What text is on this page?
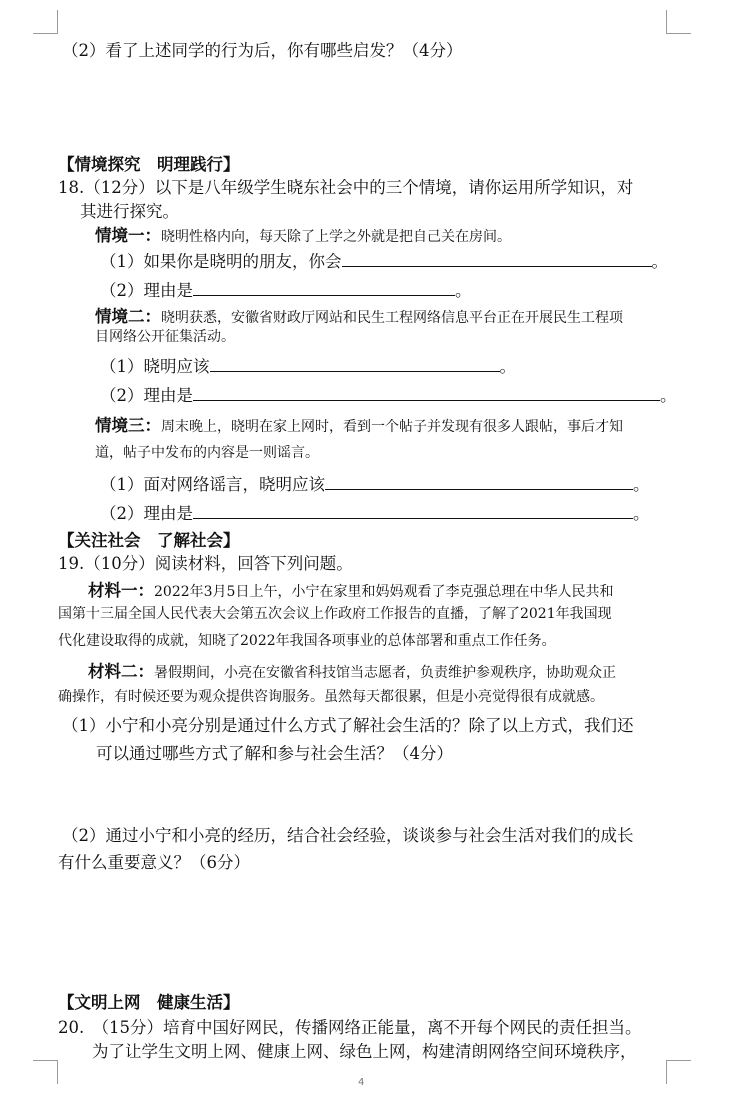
（2）看了上述同学的行为后，你有哪些启发？（4分）
【情境探究　明理践行】
18.（12分）以下是八年级学生晓东社会中的三个情境，请你运用所学知识，对
其进行探究。
情境一：晓明性格内向，每天除了上学之外就是把自己关在房间。
（1）如果你是晓明的朋友，你会	。
（2）理由是	。
情境二：晓明获悉，安徽省财政厅网站和民生工程网络信息平台正在开展民生工程项
目网络公开征集活动。
（1）晓明应该	。
（2）理由是	。
情境三：周末晚上，晓明在家上网时，看到一个帖子并发现有很多人跟帖，事后才知
道，帖子中发布的内容是一则谣言。
（1）面对网络谣言，晓明应该	。
（2）理由是	。
【关注社会　了解社会】
19.（10分）阅读材料，回答下列问题。
材料一：2022年3月5日上午，小宁在家里和妈妈观看了李克强总理在中华人民共和
国第十三届全国人民代表大会第五次会议上作政府工作报告的直播，了解了2021年我国现
代化建设取得的成就，知晓了2022年我国各项事业的总体部署和重点工作任务。
材料二：暑假期间，小亮在安徽省科技馆当志愿者，负责维护参观秩序，协助观众正
确操作，有时候还要为观众提供咨询服务。虽然每天都很累，但是小亮觉得很有成就感。
（1）小宁和小亮分别是通过什么方式了解社会生活的？除了以上方式，我们还
可以通过哪些方式了解和参与社会生活？（4分）
（2）通过小宁和小亮的经历，结合社会经验，谈谈参与社会生活对我们的成长
有什么重要意义？（6分）
【文明上网　健康生活】
20.　（15分）培育中国好网民，传播网络正能量，离不开每个网民的责任担当。
为了让学生文明上网、健康上网、绿色上网，构建清朗网络空间环境秩序，
4
